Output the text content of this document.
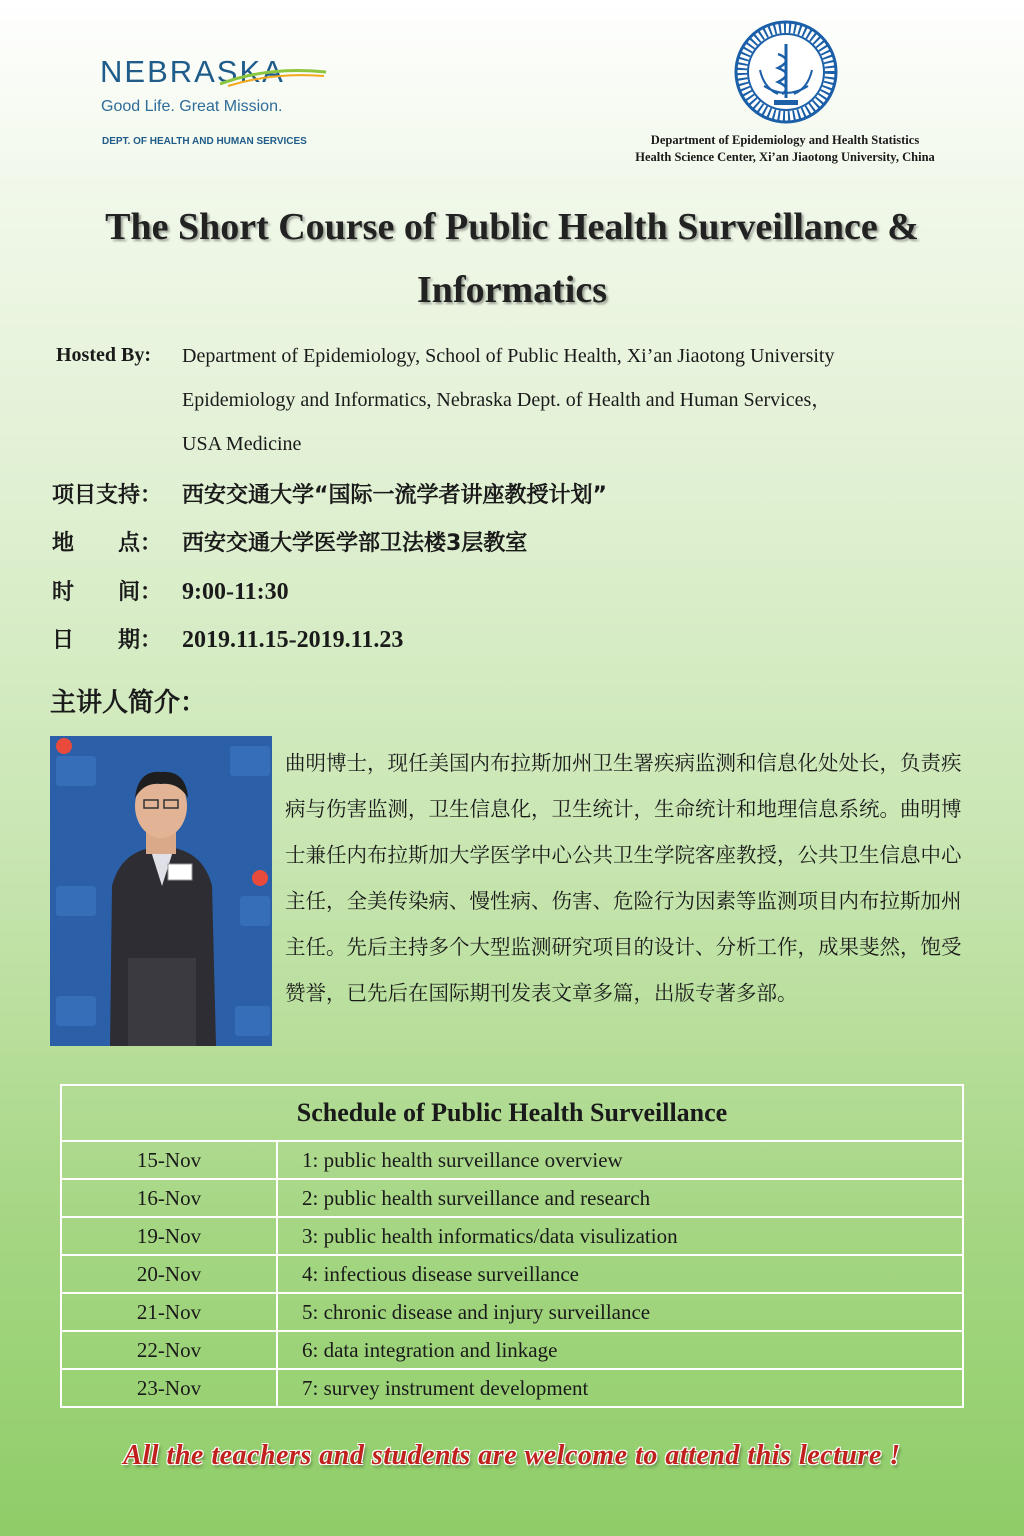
NEBRASKA
Good Life. Great Mission.
DEPT. OF HEALTH AND HUMAN SERVICES	Department of Epidemiology and Health Statistics
Health Science Center, Xi’an Jiaotong University, China
The Short Course of Public Health Surveillance &
Informatics
Hosted By: Department of Epidemiology, School of Public Health, Xi’an Jiaotong University
Epidemiology and Informatics, Nebraska Dept. of Health and Human Services，
USA Medicine
项目支持： 西安交通大学“国际一流学者讲座教授计划”
地　　点： 西安交通大学医学部卫法楼3层教室
时　　间： 9:00-11:30
日　　期： 2019.11.15-2019.11.23
主讲人简介：
曲明博士，现任美国内布拉斯加州卫生署疾病监测和信息化处处长，负责疾病与伤害监测，卫生信息化，卫生统计，生命统计和地理信息系统。曲明博士兼任内布拉斯加大学医学中心公共卫生学院客座教授，公共卫生信息中心主任，全美传染病、慢性病、伤害、危险行为因素等监测项目内布拉斯加州主任。先后主持多个大型监测研究项目的设计、分析工作，成果斐然，饱受赞誉，已先后在国际期刊发表文章多篇，出版专著多部。
Schedule of Public Health Surveillance
15-Nov	1: public health surveillance overview
16-Nov	2: public health surveillance and research
19-Nov	3: public health informatics/data visulization
20-Nov	4: infectious disease surveillance
21-Nov	5: chronic disease and injury surveillance
22-Nov	6: data integration and linkage
23-Nov	7: survey instrument development
All the teachers and students are welcome to attend this lecture !
